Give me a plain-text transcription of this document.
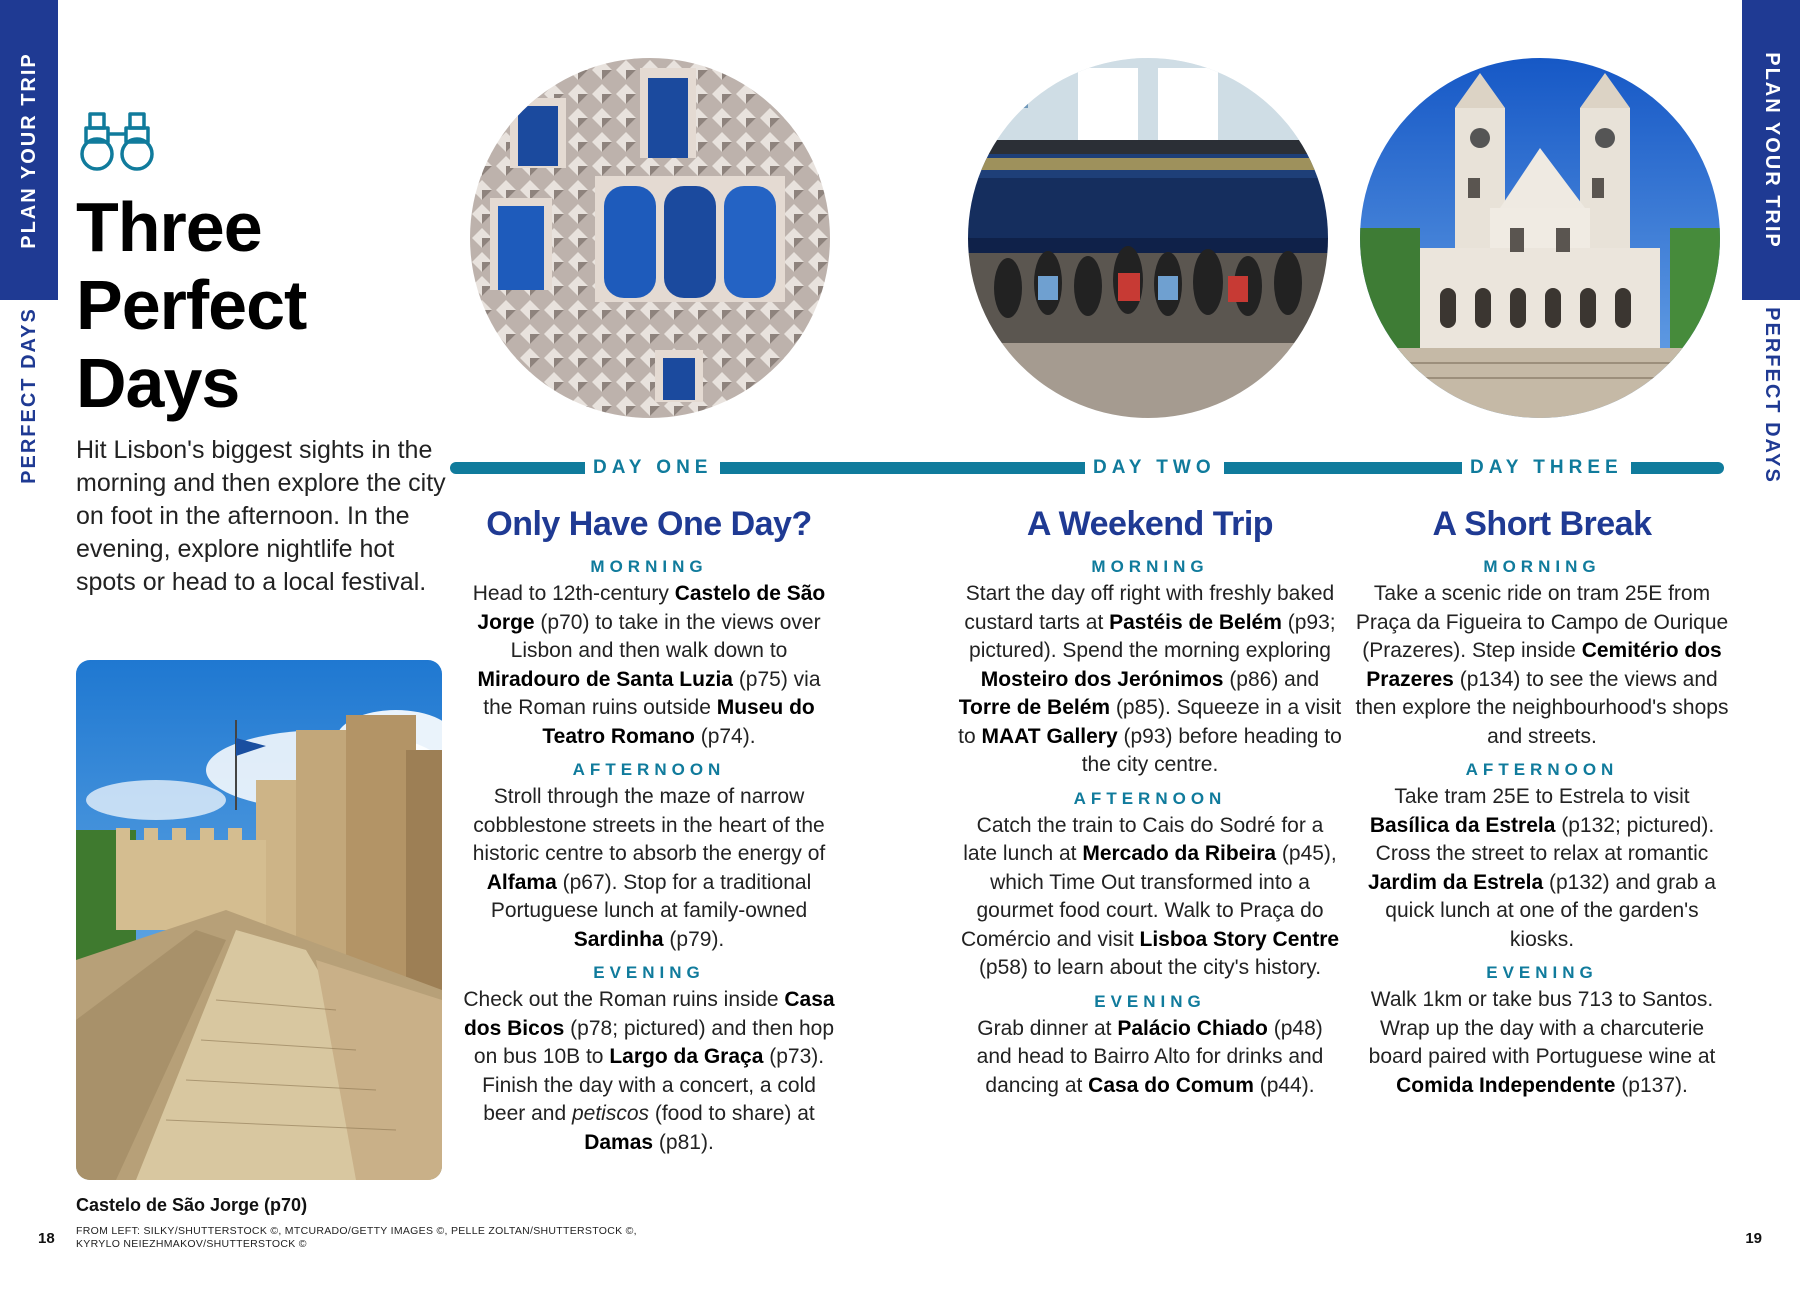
PLAN YOUR TRIP
PERFECT DAYS
PLAN YOUR TRIP
PERFECT DAYS
Three
Perfect
Days

Hit Lisbon's biggest sights in the morning and then explore the city on foot in the afternoon. In the evening, explore nightlife hot spots or head to a local festival.

Castelo de São Jorge (p70)

FROM LEFT: SILKY/SHUTTERSTOCK ©, MTCURADO/GETTY IMAGES ©, PELLE ZOLTAN/SHUTTERSTOCK ©,
KYRYLO NEIEZHMAKOV/SHUTTERSTOCK ©
18	19
DAY ONE	DAY TWO	DAY THREE
Only Have One Day?
MORNING

Head to 12th-century Castelo de São Jorge (p70) to take in the views over Lisbon and then walk down to Miradouro de Santa Luzia (p75) via the Roman ruins outside Museu do Teatro Romano (p74).

AFTERNOON

Stroll through the maze of narrow cobblestone streets in the heart of the historic centre to absorb the energy of Alfama (p67). Stop for a traditional Portuguese lunch at family-owned Sardinha (p79).

EVENING

Check out the Roman ruins inside Casa dos Bicos (p78; pictured) and then hop on bus 10B to Largo da Graça (p73). Finish the day with a concert, a cold beer and petiscos (food to share) at Damas (p81).

A Weekend Trip
MORNING

Start the day off right with freshly baked custard tarts at Pastéis de Belém (p93; pictured). Spend the morning exploring Mosteiro dos Jerónimos (p86) and Torre de Belém (p85). Squeeze in a visit to MAAT Gallery (p93) before heading to the city centre.

AFTERNOON

Catch the train to Cais do Sodré for a late lunch at Mercado da Ribeira (p45), which Time Out transformed into a gourmet food court. Walk to Praça do Comércio and visit Lisboa Story Centre (p58) to learn about the city's history.

EVENING

Grab dinner at Palácio Chiado (p48) and head to Bairro Alto for drinks and dancing at Casa do Comum (p44).

A Short Break
MORNING

Take a scenic ride on tram 25E from Praça da Figueira to Campo de Ourique (Prazeres). Step inside Cemitério dos Prazeres (p134) to see the views and then explore the neighbourhood's shops and streets.

AFTERNOON

Take tram 25E to Estrela to visit Basílica da Estrela (p132; pictured). Cross the street to relax at romantic Jardim da Estrela (p132) and grab a quick lunch at one of the garden's kiosks.

EVENING

Walk 1km or take bus 713 to Santos. Wrap up the day with a charcuterie board paired with Portuguese wine at Comida Independente (p137).
